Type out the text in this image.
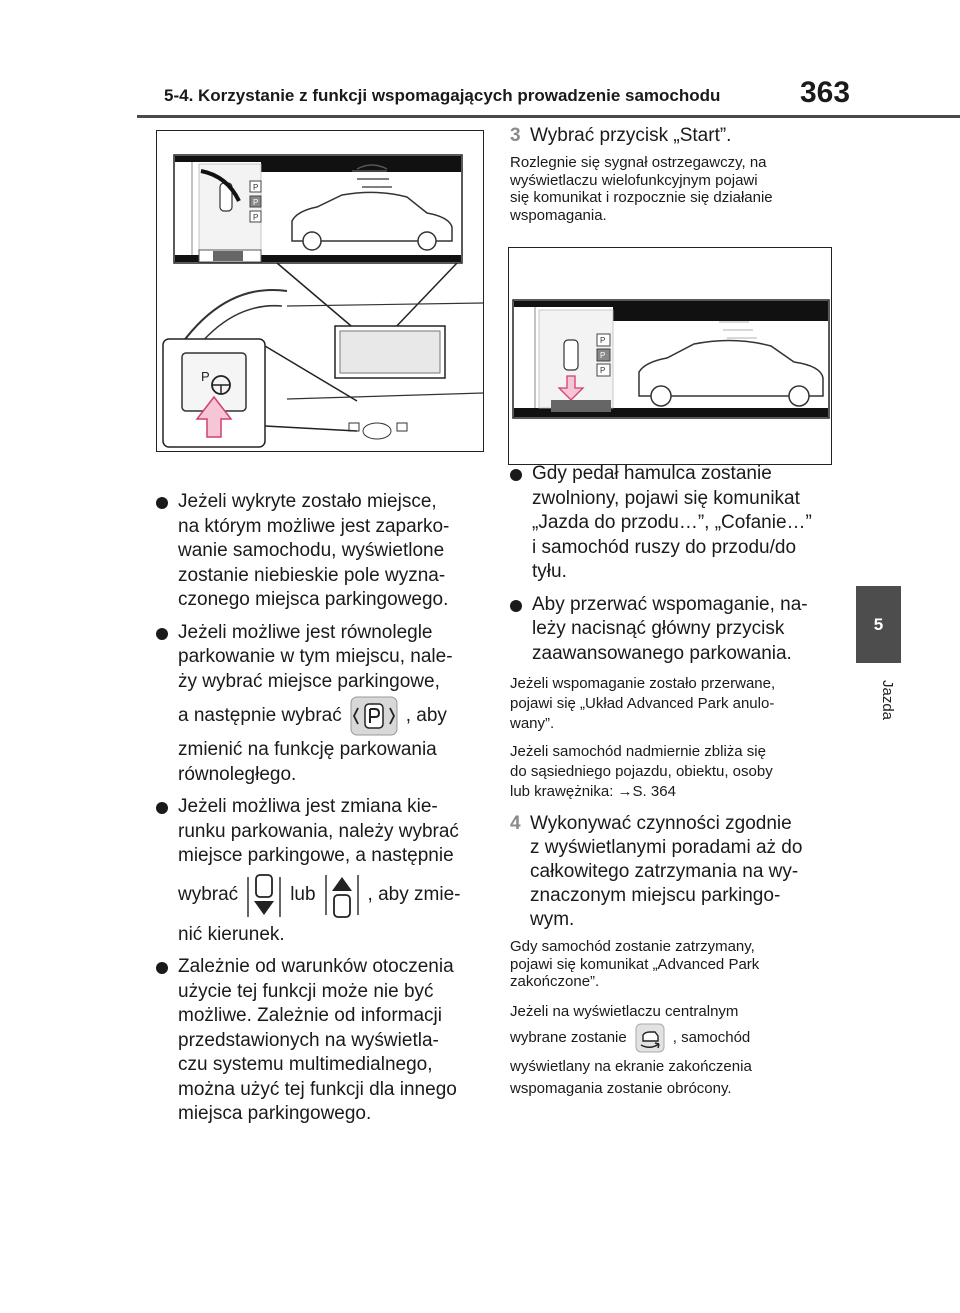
5-4. Korzystanie z funkcji wspomagających prowadzenie samochodu	363
5
Jazda
P
P
P
P
P
P
P
Jeżeli wykryte zostało miejsce,
na którym możliwe jest zaparko-
wanie samochodu, wyświetlone
zostanie niebieskie pole wyzna-
czonego miejsca parkingowego.
Jeżeli możliwe jest równolegle
parkowanie w tym miejscu, nale-
ży wybrać miejsce parkingowe,
a następnie wybrać	, aby
zmienić na funkcję parkowania
równoległego.
Jeżeli możliwa jest zmiana kie-
runku parkowania, należy wybrać
miejsce parkingowe, a następnie
wybrać	lub	, aby zmie-
nić kierunek.
Zależnie od warunków otoczenia
użycie tej funkcji może nie być
możliwe. Zależnie od informacji
przedstawionych na wyświetla-
czu systemu multimedialnego,
można użyć tej funkcji dla innego
miejsca parkingowego.
3 Wybrać przycisk „Start”.
Rozlegnie się sygnał ostrzegawczy, na
wyświetlaczu wielofunkcyjnym pojawi
się komunikat i rozpocznie się działanie
wspomagania.
Gdy pedał hamulca zostanie
zwolniony, pojawi się komunikat
„Jazda do przodu…”, „Cofanie…”
i samochód ruszy do przodu/do
tyłu.
Aby przerwać wspomaganie, na-
leży nacisnąć główny przycisk
zaawansowanego parkowania.
Jeżeli wspomaganie zostało przerwane,
pojawi się „Układ Advanced Park anulo-
wany”.
Jeżeli samochód nadmiernie zbliża się
do sąsiedniego pojazdu, obiektu, osoby
lub krawężnika: →S. 364
4 Wykonywać czynności zgodnie
z wyświetlanymi poradami aż do
całkowitego zatrzymania na wy-
znaczonym miejscu parkingo-
wym.
Gdy samochód zostanie zatrzymany,
pojawi się komunikat „Advanced Park
zakończone”.
Jeżeli na wyświetlaczu centralnym
wybrane zostanie	, samochód
wyświetlany na ekranie zakończenia
wspomagania zostanie obrócony.
